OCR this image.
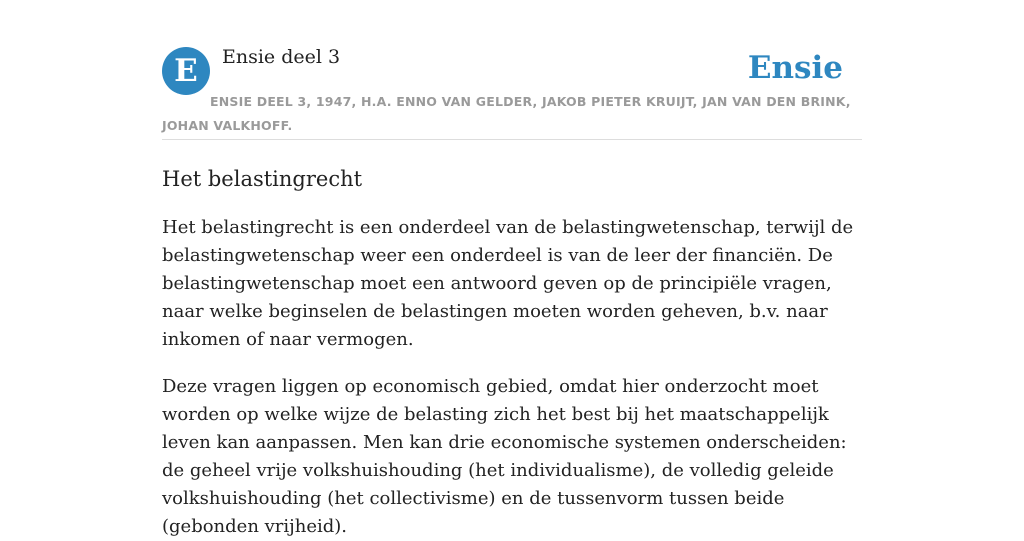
E	Ensie deel 3	Ensie
ENSIE DEEL 3, 1947, H.A. ENNO VAN GELDER, JAKOB PIETER KRUIJT, JAN VAN DEN BRINK, JOHAN VALKHOFF.
Het belastingrecht

Het belastingrecht is een onderdeel van de belastingwetenschap, terwijl de belastingwetenschap weer een onderdeel is van de leer der financiën. De belastingwetenschap moet een antwoord geven op de principiële vragen, naar welke beginselen de belastingen moeten worden geheven, b.v. naar inkomen of naar vermogen.

Deze vragen liggen op economisch gebied, omdat hier onderzocht moet worden op welke wijze de belasting zich het best bij het maatschappelijk leven kan aanpassen. Men kan drie economische systemen onderscheiden: de geheel vrije volkshuishouding (het individualisme), de volledig geleide volkshuishouding (het collectivisme) en de tussenvorm tussen beide (gebonden vrijheid).
